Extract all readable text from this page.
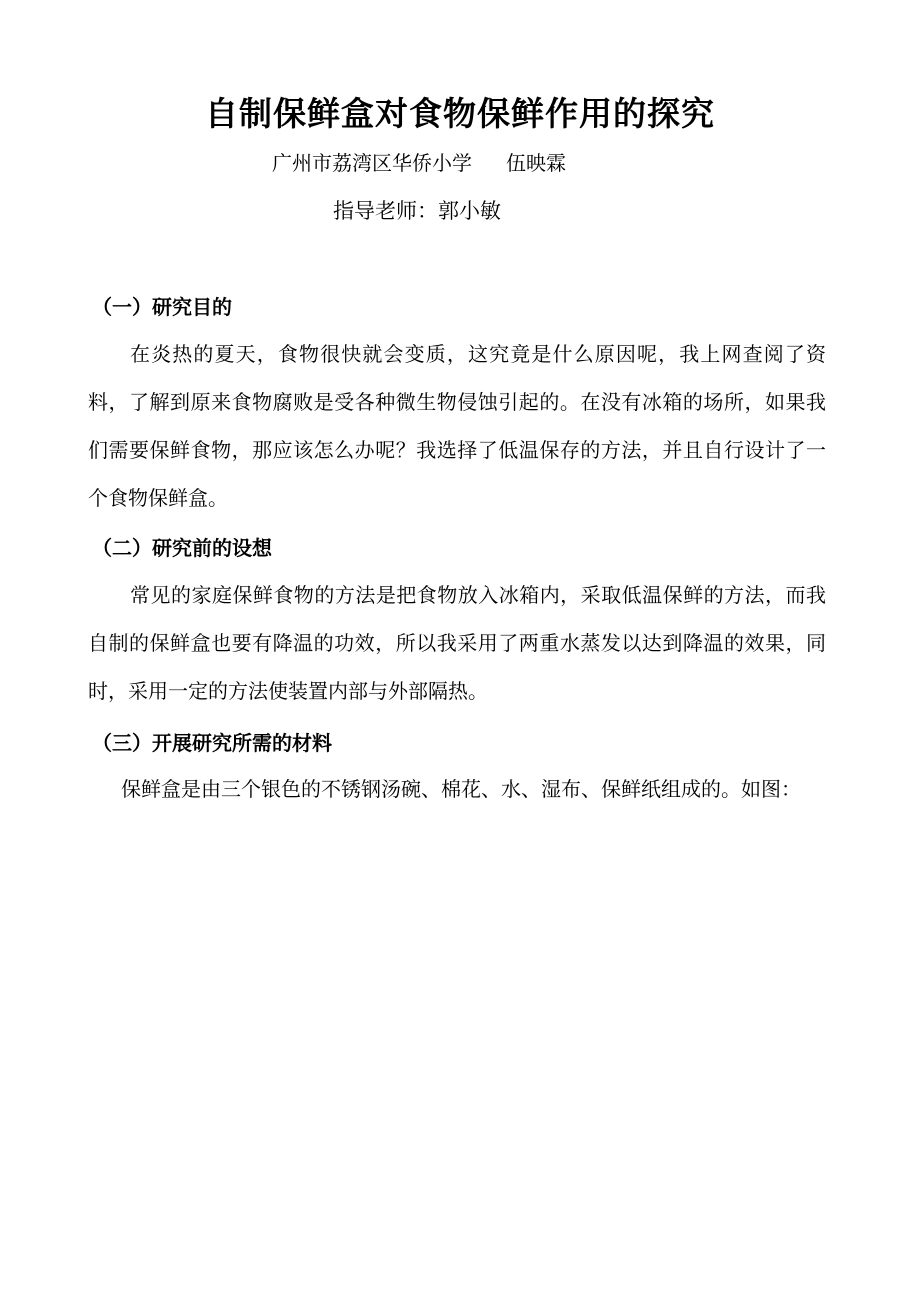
自制保鲜盒对食物保鲜作用的探究
广州市荔湾区华侨小学 伍映霖
指导老师：郭小敏
（一）研究目的
在炎热的夏天，食物很快就会变质，这究竟是什么原因呢，我上网查阅了资料，了解到原来食物腐败是受各种微生物侵蚀引起的。在没有冰箱的场所，如果我们需要保鲜食物，那应该怎么办呢？我选择了低温保存的方法，并且自行设计了一个食物保鲜盒。
（二）研究前的设想
常见的家庭保鲜食物的方法是把食物放入冰箱内，采取低温保鲜的方法，而我自制的保鲜盒也要有降温的功效，所以我采用了两重水蒸发以达到降温的效果，同时，采用一定的方法使装置内部与外部隔热。
（三）开展研究所需的材料
保鲜盒是由三个银色的不锈钢汤碗、棉花、水、湿布、保鲜纸组成的。如图：
